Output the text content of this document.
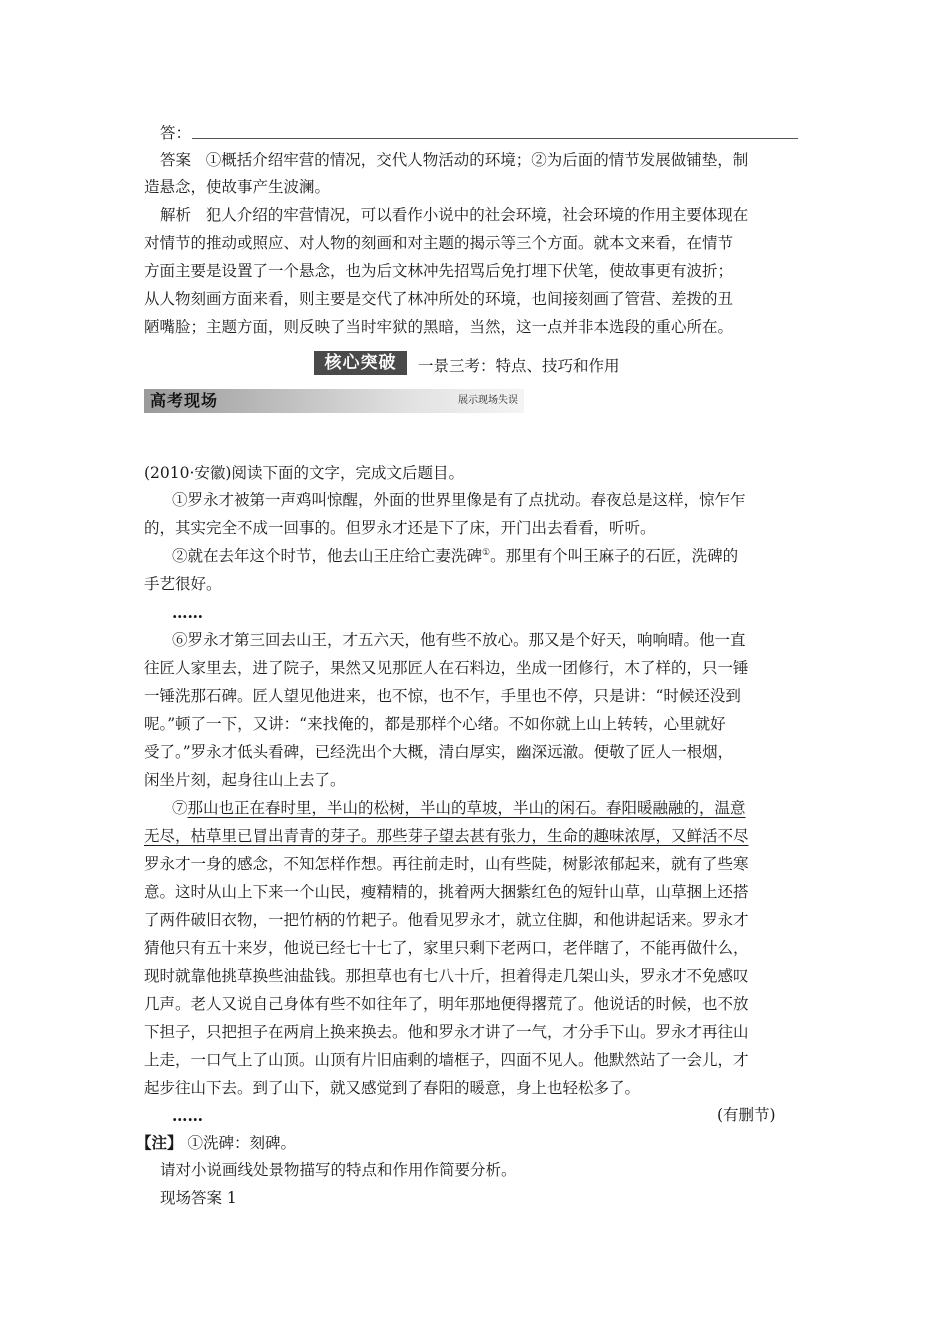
答：
答案 ①概括介绍牢营的情况，交代人物活动的环境；②为后面的情节发展做铺垫，制
造悬念，使故事产生波澜。
解析 犯人介绍的牢营情况，可以看作小说中的社会环境，社会环境的作用主要体现在
对情节的推动或照应、对人物的刻画和对主题的揭示等三个方面。就本文来看，在情节
方面主要是设置了一个悬念，也为后文林冲先招骂后免打埋下伏笔，使故事更有波折；
从人物刻画方面来看，则主要是交代了林冲所处的环境，也间接刻画了管营、差拨的丑
陋嘴脸；主题方面，则反映了当时牢狱的黑暗，当然，这一点并非本选段的重心所在。
核心突破	一景三考：特点、技巧和作用
高考现场	展示现场失误
(2010·安徽)阅读下面的文字，完成文后题目。
①罗永才被第一声鸡叫惊醒，外面的世界里像是有了点扰动。春夜总是这样，惊乍乍
的，其实完全不成一回事的。但罗永才还是下了床，开门出去看看，听听。
②就在去年这个时节，他去山王庄给亡妻洗碑①。那里有个叫王麻子的石匠，洗碑的
手艺很好。
……
⑥罗永才第三回去山王，才五六天，他有些不放心。那又是个好天，响响晴。他一直
往匠人家里去，进了院子，果然又见那匠人在石料边，坐成一团修行，木了样的，只一锤
一锤洗那石碑。匠人望见他进来，也不惊，也不乍，手里也不停，只是讲：“时候还没到
呢。”顿了一下，又讲：“来找俺的，都是那样个心绪。不如你就上山上转转，心里就好
受了。”罗永才低头看碑，已经洗出个大概，清白厚实，幽深远澈。便敬了匠人一根烟，
闲坐片刻，起身往山上去了。
⑦那山也正在春时里，半山的松树，半山的草坡，半山的闲石。春阳暖融融的，温意
无尽，枯草里已冒出青青的芽子。那些芽子望去甚有张力，生命的趣味浓厚，又鲜活不尽
罗永才一身的感念，不知怎样作想。再往前走时，山有些陡，树影浓郁起来，就有了些寒
意。这时从山上下来一个山民，瘦精精的，挑着两大捆紫红色的短针山草，山草捆上还搭
了两件破旧衣物，一把竹柄的竹耙子。他看见罗永才，就立住脚，和他讲起话来。罗永才
猜他只有五十来岁，他说已经七十七了，家里只剩下老两口，老伴瞎了，不能再做什么，
现时就靠他挑草换些油盐钱。那担草也有七八十斤，担着得走几架山头，罗永才不免感叹
几声。老人又说自己身体有些不如往年了，明年那地便得撂荒了。他说话的时候，也不放
下担子，只把担子在两肩上换来换去。他和罗永才讲了一气，才分手下山。罗永才再往山
上走，一口气上了山顶。山顶有片旧庙剩的墙框子，四面不见人。他默然站了一会儿，才
起步往山下去。到了山下，就又感觉到了春阳的暖意，身上也轻松多了。
……	(有删节)
【注】 ①洗碑：刻碑。
请对小说画线处景物描写的特点和作用作简要分析。
现场答案 1
